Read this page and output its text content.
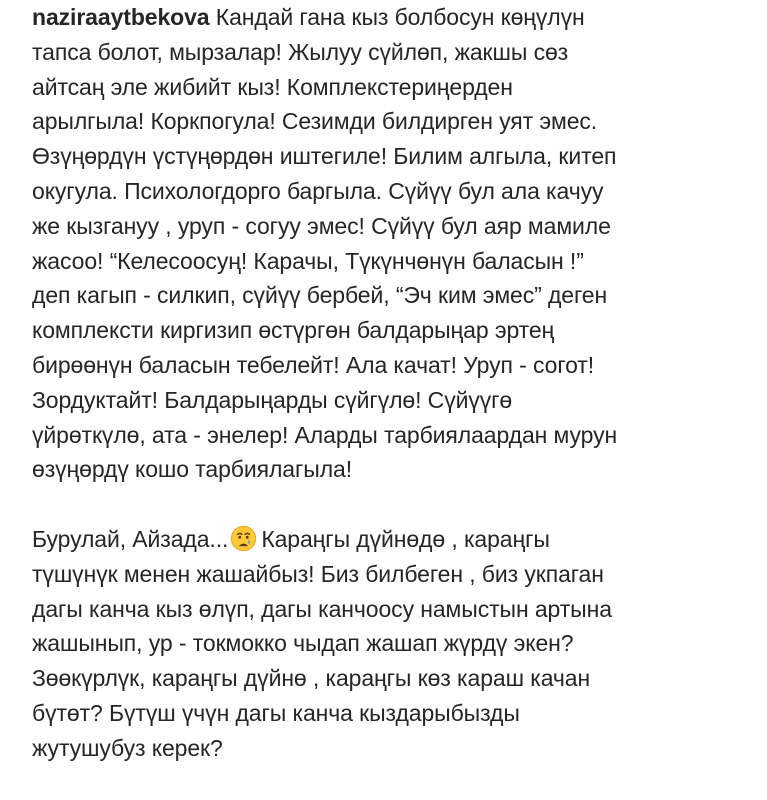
naziraaytbekova Кандай гана кыз болбосун көңүлүн

тапса болот, мырзалар! Жылуу сүйлөп, жакшы сөз

айтсаң эле жибийт кыз! Комплекстериңерден

арылгыла! Коркпогула! Сезимди билдирген уят эмес.

Өзүңөрдүн үстүңөрдөн иштегиле! Билим алгыла, китеп

окугула. Психологдорго баргыла. Сүйүү бул ала качуу

же кызгануу , уруп - согуу эмес! Сүйүү бул аяр мамиле

жасоо! “Келесоосуң! Карачы, Түкүнчөнүн баласын !”

деп кагып - силкип, сүйүү бербей, “Эч ким эмес” деген

комплексти киргизип өстүргөн балдарыңар эртең

бирөөнүн баласын тебелейт! Ала качат! Уруп - согот!

Зордуктайт! Балдарыңарды сүйгүлө! Сүйүүгө

үйрөткүлө, ата - энелер! Аларды тарбиялаардан мурун

өзүңөрдү кошо тарбиялагыла!

Бурулай, Айзада... Караңгы дүйнөдө , караңгы

түшүнүк менен жашайбыз! Биз билбеген , биз укпаган

дагы канча кыз өлүп, дагы канчоосу намыстын артына

жашынып, ур - токмокко чыдап жашап жүрдү экен?

Зөөкүрлүк, караңгы дүйнө , караңгы көз караш качан

бүтөт? Бүтүш үчүн дагы канча кыздарыбызды

жутушубуз керек?
